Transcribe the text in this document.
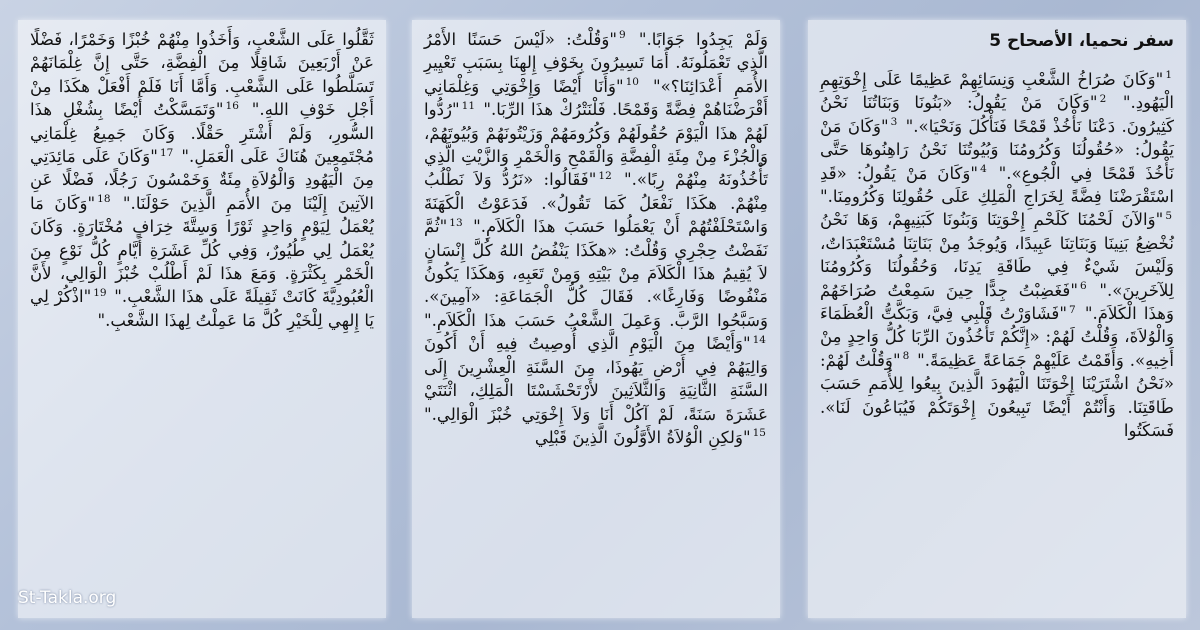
سفر نحميا، الأصحاح 5
$^1$"وَكَانَ صُرَاخُ الشَّعْبِ وَنِسَائِهِمْ عَظِيمًا عَلَى إِخْوَتِهِمِ الْيَهُودِ." $^2$"وَكَانَ مَنْ يَقُولُ: «بَنُونَا وَبَنَاتُنَا نَحْنُ كَثِيرُونَ. دَعْنَا نَأْخُذْ قَمْحًا فَنَأْكُلَ وَنَحْيَا»." $^3$"وَكَانَ مَنْ يَقُولُ: «حُقُولُنَا وَكُرُومُنَا وَبُيُوتُنَا نَحْنُ رَاهِنُوهَا حَتَّى نَأْخُذَ قَمْحًا فِي الْجُوعِ»." $^4$"وَكَانَ مَنْ يَقُولُ: «قَدِ اسْتَقْرَضْنَا فِضَّةً لِخَرَاجِ الْمَلِكِ عَلَى حُقُولِنَا وَكُرُومِنَا." $^5$"وَالآنَ لَحْمُنَا كَلَحْمِ إِخْوَتِنَا وَبَنُونَا كَبَنِيهِمْ، وَهَا نَحْنُ نُخْضِعُ بَنِينَا وَبَنَاتِنَا عَبِيدًا، وَيُوجَدُ مِنْ بَنَاتِنَا مُسْتَعْبَدَاتٌ، وَلَيْسَ شَيْءٌ فِي طَاقَةِ يَدِنَا، وَحُقُولُنَا وَكُرُومُنَا لِلآخَرِينَ»." $^6$"فَغَضِبْتُ جِدًّا حِينَ سَمِعْتُ صُرَاخَهُمْ وَهذَا الْكَلاَمَ." $^7$"فَشَاوَرْتُ قَلْبِي فِيَّ، وَبَكَّتُّ الْعُظَمَاءَ وَالْوُلاَةَ، وَقُلْتُ لَهُمْ: «إِنَّكُمْ تَأْخُذُونَ الرِّبَا كُلُّ وَاحِدٍ مِنْ أَخِيهِ». وَأَقَمْتُ عَلَيْهِمْ جَمَاعَةً عَظِيمَةً." $^8$"وَقُلْتُ لَهُمْ: «نَحْنُ اشْتَرَيْنَا إِخْوَتَنَا الْيَهُودَ الَّذِينَ بِيعُوا لِلأُمَمِ حَسَبَ طَاقَتِنَا. وَأَنْتُمْ أَيْضًا تَبِيعُونَ إِخْوَتَكُمْ فَيُبَاعُونَ لَنَا». فَسَكَتُوا
وَلَمْ يَجِدُوا جَوَابًا." $^9$"وَقُلْتُ: «لَيْسَ حَسَنًا الأَمْرُ الَّذِي تَعْمَلُونَهُ. أَمَا تَسِيرُونَ بِخَوْفِ إِلهِنَا بِسَبَبِ تَعْيِيرِ الأُمَمِ أَعْدَائِنَا؟»" $^{10}$"وَأَنَا أَيْضًا وَإِخْوَتِي وَغِلْمَانِي أَقْرَضْنَاهُمْ فِضَّةً وَقَمْحًا. فَلْنَتْرُكْ هذَا الرِّبَا." $^{11}$"رُدُّوا لَهُمْ هذَا الْيَوْمَ حُقُولَهُمْ وَكُرُومَهُمْ وَزَيْتُونَهُمْ وَبُيُوتَهُمْ، وَالْجُزْءَ مِنْ مِئَةِ الْفِضَّةِ وَالْقَمْحِ وَالْخَمْرِ وَالزَّيْتِ الَّذِي تَأْخُذُونَهُ مِنْهُمْ رِبًا»." $^{12}$"فَقَالُوا: «نَرُدُّ وَلاَ نَطْلُبُ مِنْهُمْ. هكَذَا نَفْعَلُ كَمَا تَقُولُ». فَدَعَوْتُ الْكَهَنَةَ وَاسْتَحْلَفْتُهُمْ أَنْ يَعْمَلُوا حَسَبَ هذَا الْكَلاَمِ." $^{13}$"ثُمَّ نَفَضْتُ حِجْرِي وَقُلْتُ: «هكَذَا يَنْفُضُ اللهُ كُلَّ إِنْسَانٍ لاَ يُقِيمُ هذَا الْكَلاَمَ مِنْ بَيْتِهِ وَمِنْ تَعَبِهِ، وَهكَذَا يَكُونُ مَنْفُوضًا وَفَارِغًا». فَقَالَ كُلُّ الْجَمَاعَةِ: «آمِينَ». وَسَبَّحُوا الرَّبَّ. وَعَمِلَ الشَّعْبُ حَسَبَ هذَا الْكَلاَمِ." $^{14}$"وَأَيْضًا مِنَ الْيَوْمِ الَّذِي أُوصِيتُ فِيهِ أَنْ أَكُونَ وَالِيَهُمْ فِي أَرْضِ يَهُوذَا، مِنَ السَّنَةِ الْعِشْرِينَ إِلَى السَّنَةِ الثَّانِيَةِ وَالثَّلاَثِينَ لأَرْتَحْشَسْتَا الْمَلِكِ، اثْنَتَيْ عَشَرَةَ سَنَةً، لَمْ آكُلْ أَنَا وَلاَ إِخْوَتِي خُبْزَ الْوَالِي." $^{15}$"وَلكِنِ الْوُلاَةُ الأَوَّلُونَ الَّذِينَ قَبْلِي
ثَقَّلُوا عَلَى الشَّعْبِ، وَأَخَذُوا مِنْهُمْ خُبْزًا وَخَمْرًا، فَضْلًا عَنْ أَرْبَعِينَ شَاقِلًا مِنَ الْفِضَّةِ، حَتَّى إِنَّ غِلْمَانَهُمْ تَسَلَّطُوا عَلَى الشَّعْبِ. وَأَمَّا أَنَا فَلَمْ أَفْعَلْ هكَذَا مِنْ أَجْلِ خَوْفِ اللهِ." $^{16}$"وَتَمَسَّكْتُ أَيْضًا بِشُغْلِ هذَا السُّورِ، وَلَمْ أَشْتَرِ حَقْلًا. وَكَانَ جَمِيعُ غِلْمَانِي مُجْتَمِعِينَ هُنَاكَ عَلَى الْعَمَلِ." $^{17}$"وَكَانَ عَلَى مَائِدَتِي مِنَ الْيَهُودِ وَالْوُلاَةِ مِئَةٌ وَخَمْسُونَ رَجُلًا، فَضْلًا عَنِ الآتِينَ إِلَيْنَا مِنَ الأُمَمِ الَّذِينَ حَوْلَنَا." $^{18}$"وَكَانَ مَا يُعْمَلُ لِيَوْمٍ وَاحِدٍ ثَوْرًا وَسِتَّةَ خِرَافٍ مُخْتَارَةٍ. وَكَانَ يُعْمَلُ لِي طُيُورٌ، وَفِي كُلِّ عَشَرَةِ أَيَّامٍ كُلُّ نَوْعٍ مِنَ الْخَمْرِ بِكَثْرَةٍ. وَمَعَ هذَا لَمْ أَطْلُبْ خُبْزَ الْوَالِي، لأَنَّ الْعُبُودِيَّةَ كَانَتْ ثَقِيلَةً عَلَى هذَا الشَّعْبِ." $^{19}$"اذْكُرْ لِي يَا إِلهِي لِلْخَيْرِ كُلَّ مَا عَمِلْتُ لِهذَا الشَّعْبِ."
St-Takla.org
